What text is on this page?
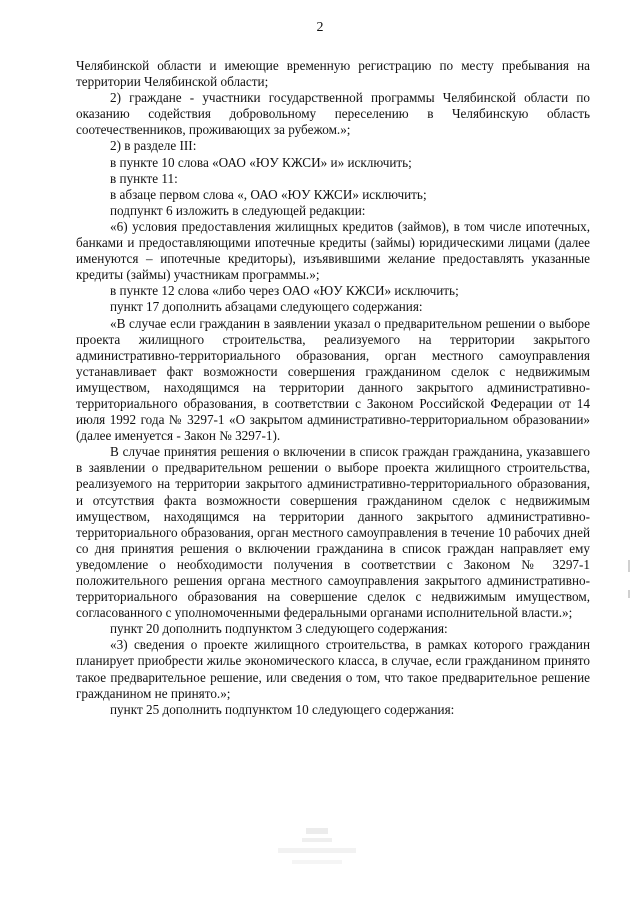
2

Челябинской области и имеющие временную регистрацию по месту пребывания на территории Челябинской области;

2) граждане - участники государственной программы Челябинской области по оказанию содействия добровольному переселению в Челябинскую область соотечественников, проживающих за рубежом.»;

2) в разделе III:

в пункте 10 слова «ОАО «ЮУ КЖСИ» и» исключить;

в пункте 11:

в абзаце первом слова «, ОАО «ЮУ КЖСИ» исключить;

подпункт 6 изложить в следующей редакции:

«6) условия предоставления жилищных кредитов (займов), в том числе ипотечных, банками и предоставляющими ипотечные кредиты (займы) юридическими лицами (далее именуются – ипотечные кредиторы), изъявившими желание предоставлять указанные кредиты (займы) участникам программы.»;

в пункте 12 слова «либо через ОАО «ЮУ КЖСИ» исключить;

пункт 17 дополнить абзацами следующего содержания:

«В случае если гражданин в заявлении указал о предварительном решении о выборе проекта жилищного строительства, реализуемого на территории закрытого административно-территориального образования, орган местного самоуправления устанавливает факт возможности совершения гражданином сделок с недвижимым имуществом, находящимся на территории данного закрытого административно-территориального образования, в соответствии с Законом Российской Федерации от 14 июля 1992 года № 3297-1 «О закрытом административно-территориальном образовании» (далее именуется - Закон № 3297-1).

В случае принятия решения о включении в список граждан гражданина, указавшего в заявлении о предварительном решении о выборе проекта жилищного строительства, реализуемого на территории закрытого административно-территориального образования, и отсутствия факта возможности совершения гражданином сделок с недвижимым имуществом, находящимся на территории данного закрытого административно-территориального образования, орган местного самоуправления в течение 10 рабочих дней со дня принятия решения о включении гражданина в список граждан направляет ему уведомление о необходимости получения в соответствии с Законом № 3297-1 положительного решения органа местного самоуправления закрытого административно-территориального образования на совершение сделок с недвижимым имуществом, согласованного с уполномоченными федеральными органами исполнительной власти.»;

пункт 20 дополнить подпунктом 3 следующего содержания:

«3) сведения о проекте жилищного строительства, в рамках которого гражданин планирует приобрести жилье экономического класса, в случае, если гражданином принято такое предварительное решение, или сведения о том, что такое предварительное решение гражданином не принято.»;

пункт 25 дополнить подпунктом 10 следующего содержания:
